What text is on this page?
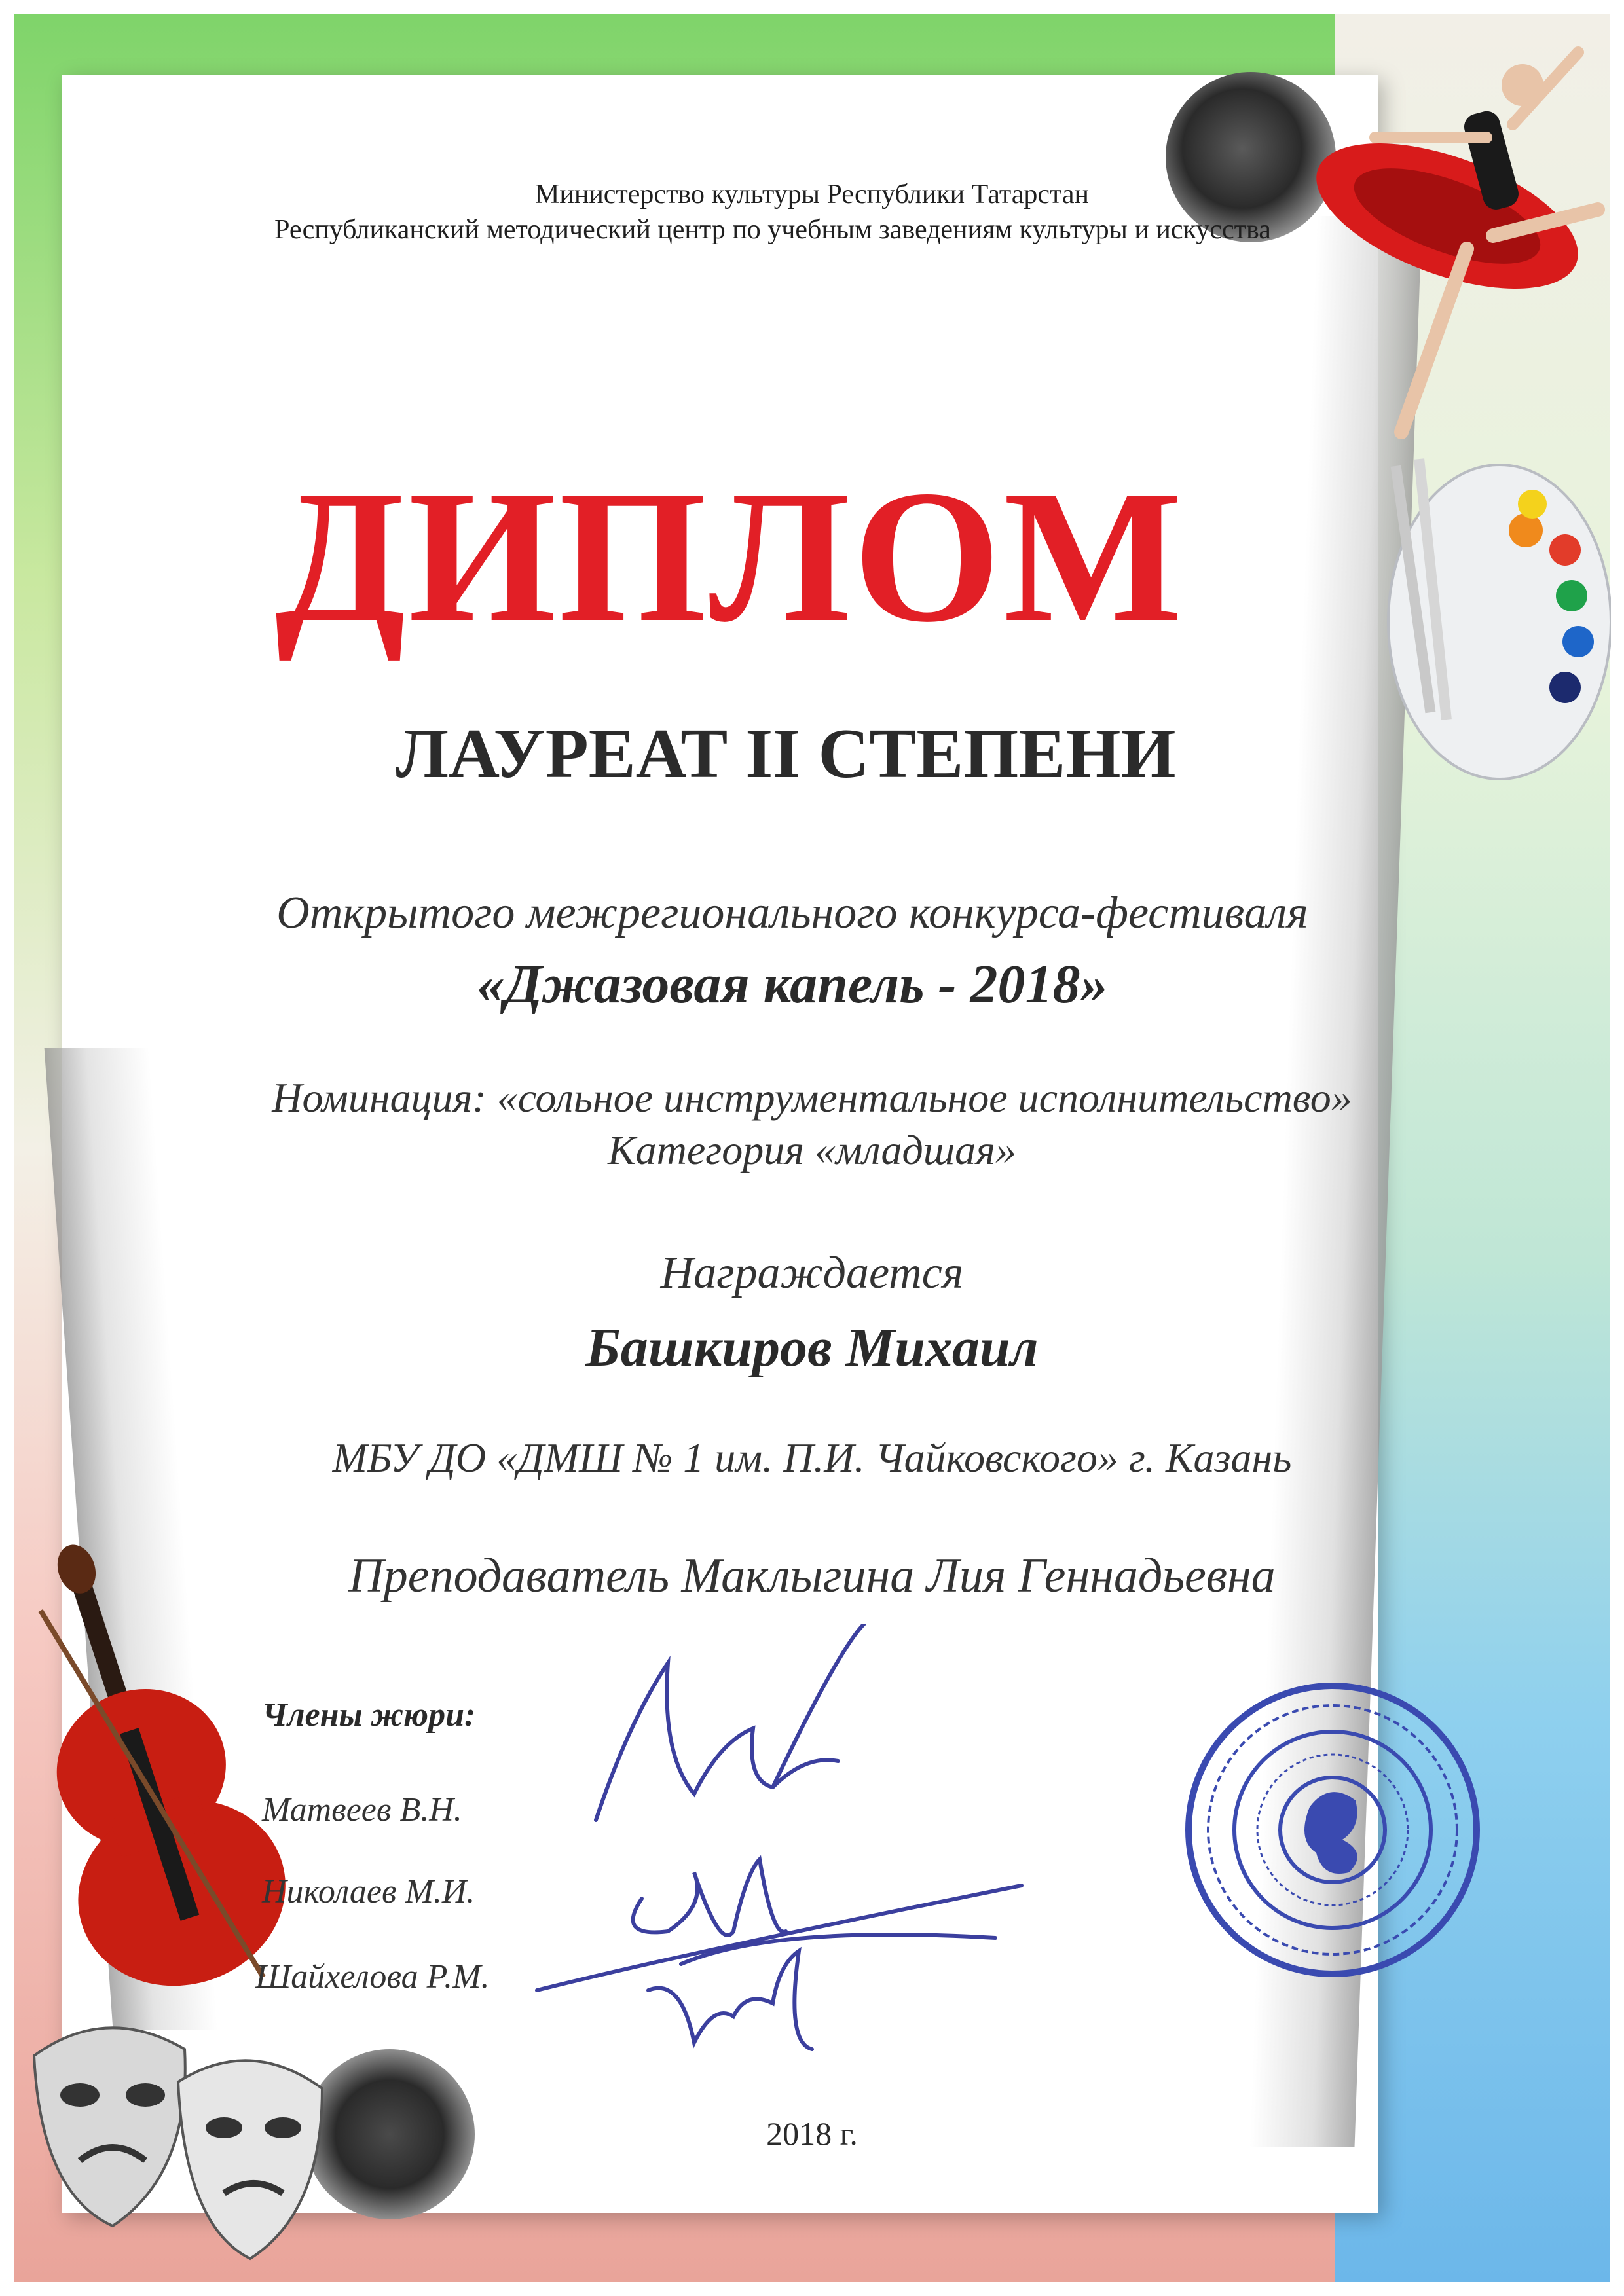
Министерство культуры Республики Татарстан
Республиканский методический центр по учебным заведениям культуры и искусства
ДИПЛОМ
ЛАУРЕАТ II СТЕПЕНИ
Открытого межрегионального конкурса-фестиваля
«Джазовая капель - 2018»
Номинация: «сольное инструментальное исполнительство»
Категория «младшая»
Награждается
Башкиров Михаил
МБУ ДО «ДМШ № 1 им. П.И. Чайковского» г. Казань
Преподаватель Маклыгина Лия Геннадьевна
Члены жюри:
Матвеев В.Н.
Николаев М.И.
Шайхелова Р.М.
2018 г.
